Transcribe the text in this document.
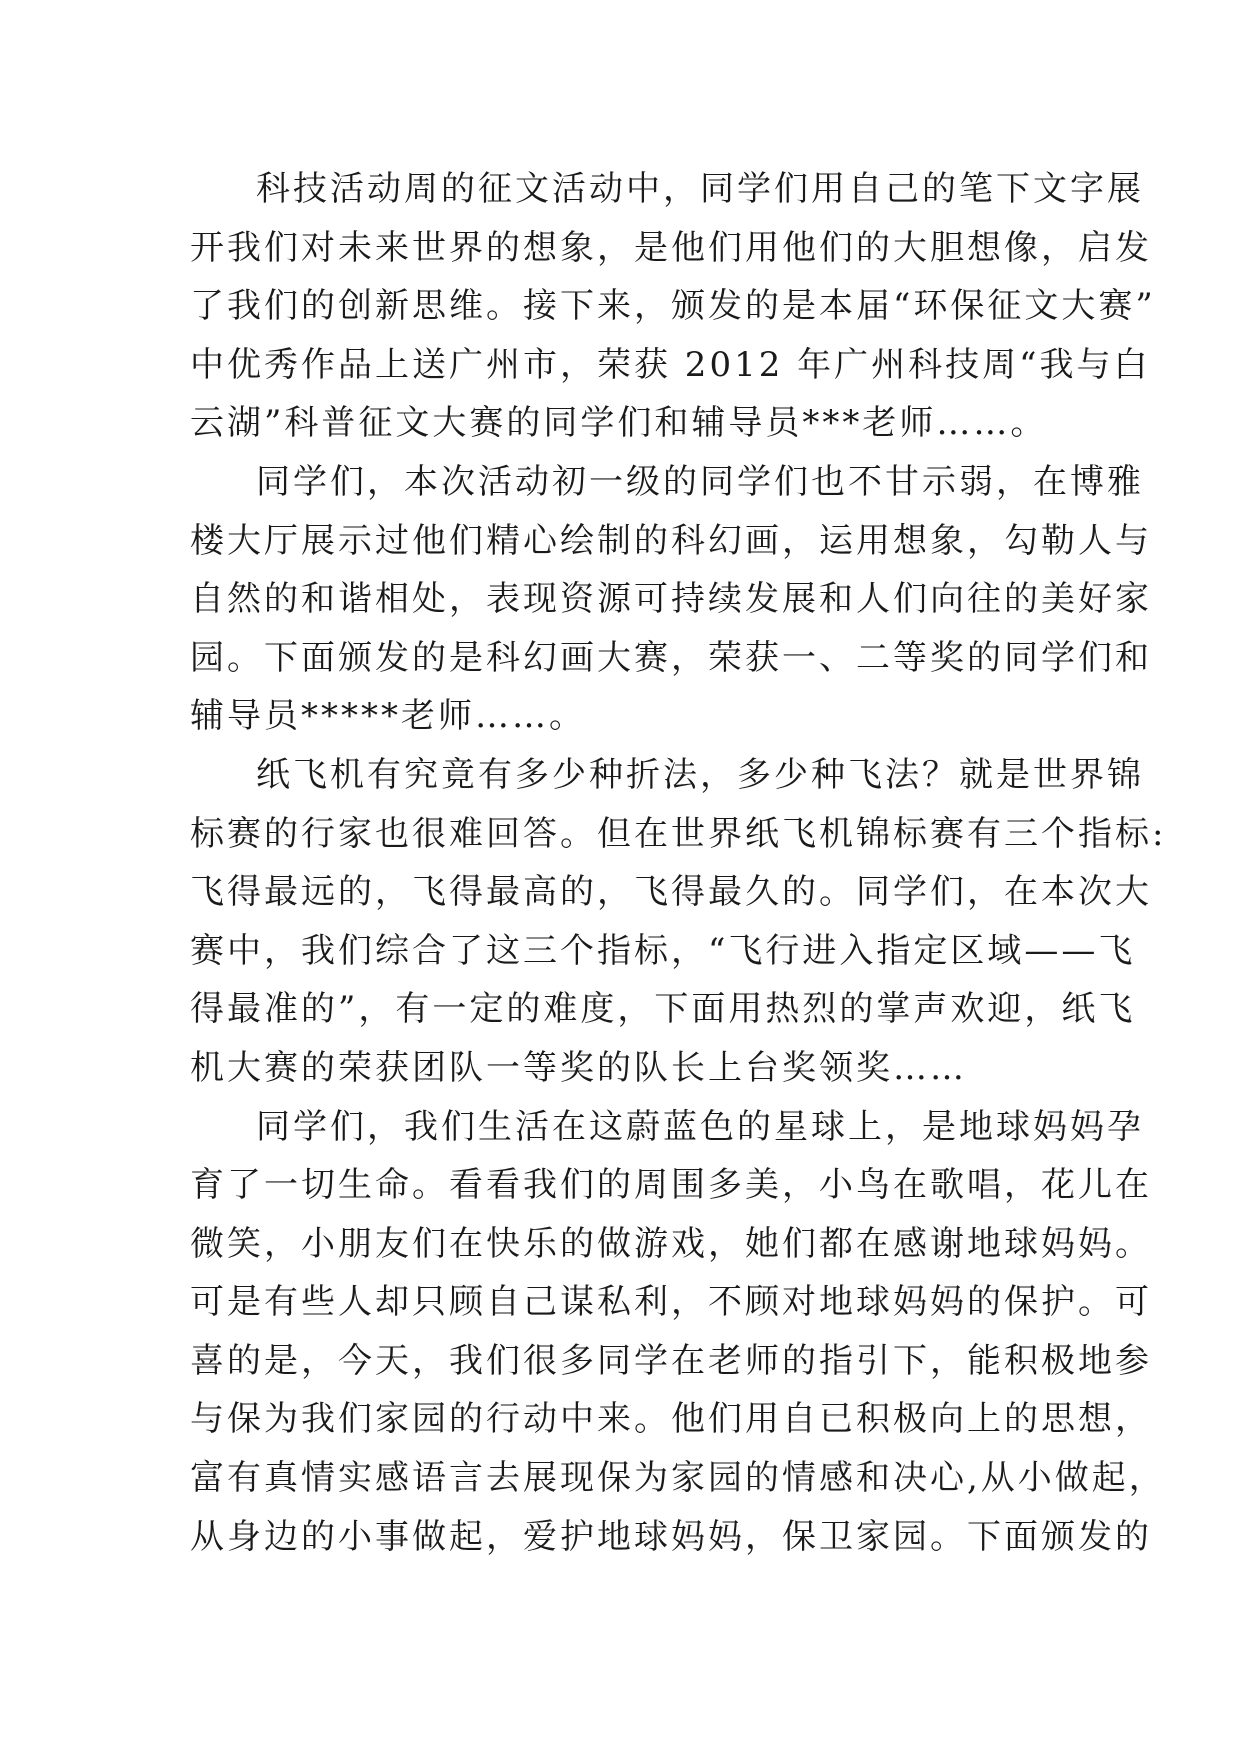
科技活动周的征文活动中，同学们用自己的笔下文字展
开我们对未来世界的想象，是他们用他们的大胆想像，启发
了我们的创新思维。接下来，颁发的是本届“环保征文大赛”
中优秀作品上送广州市，荣获 2012 年广州科技周“我与白
云湖”科普征文大赛的同学们和辅导员***老师……。
同学们，本次活动初一级的同学们也不甘示弱，在博雅
楼大厅展示过他们精心绘制的科幻画，运用想象，勾勒人与
自然的和谐相处，表现资源可持续发展和人们向往的美好家
园。下面颁发的是科幻画大赛，荣获一、二等奖的同学们和
辅导员*****老师……。
纸飞机有究竟有多少种折法，多少种飞法？就是世界锦
标赛的行家也很难回答。但在世界纸飞机锦标赛有三个指标:
飞得最远的，飞得最高的，飞得最久的。同学们，在本次大
赛中，我们综合了这三个指标，“飞行进入指定区域——飞
得最准的”，有一定的难度，下面用热烈的掌声欢迎，纸飞
机大赛的荣获团队一等奖的队长上台奖领奖……
同学们，我们生活在这蔚蓝色的星球上，是地球妈妈孕
育了一切生命。看看我们的周围多美，小鸟在歌唱，花儿在
微笑，小朋友们在快乐的做游戏，她们都在感谢地球妈妈。
可是有些人却只顾自己谋私利，不顾对地球妈妈的保护。可
喜的是，今天，我们很多同学在老师的指引下，能积极地参
与保为我们家园的行动中来。他们用自已积极向上的思想，
富有真情实感语言去展现保为家园的情感和决心,从小做起，
从身边的小事做起，爱护地球妈妈，保卫家园。下面颁发的
